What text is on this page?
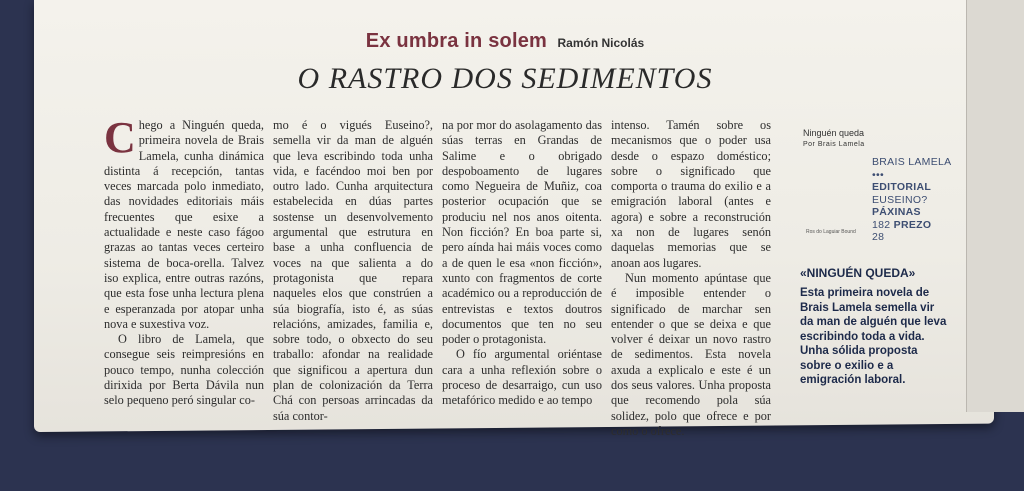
Ex umbra in solem Ramón Nicolás
O RASTRO DOS SEDIMENTOS

Chego a Ninguén queda, primeira novela de Brais Lamela, cunha dinámica distinta á recepción, tantas veces marcada polo inmediato, das novidades editoriais máis frecuentes que esixe a actualidade e neste caso fágoo grazas ao tantas veces certeiro sistema de boca-orella. Talvez iso explica, entre outras razóns, que esta fose unha lectura plena e esperanzada por atopar unha nova e suxestiva voz.

O libro de Lamela, que consegue seis reimpresións en pouco tempo, nunha colección dirixida por Berta Dávila nun selo pequeno peró singular co-

mo é o vigués Euseino?, semella vir da man de alguén que leva escribindo toda unha vida, e facéndoo moi ben por outro lado. Cunha arquitectura estabelecida en dúas partes sostense un desenvolvemento argumental que estrutura en base a unha confluencia de voces na que salienta a do protagonista que repara naqueles elos que constrúen a súa biografía, isto é, as súas relacións, amizades, familia e, sobre todo, o obxecto do seu traballo: afondar na realidade que significou a apertura dun plan de colonización da Terra Chá con persoas arrincadas da súa contor-

na por mor do asolagamento das súas terras en Grandas de Salime e o obrigado despoboamento de lugares como Negueira de Muñiz, coa posterior ocupación que se produciu nel nos anos oitenta. Non ficción? En boa parte si, pero aínda hai máis voces como a de quen le esa «non ficción», xunto con fragmentos de corte académico ou a reproducción de entrevistas e textos doutros documentos que ten no seu poder o protagonista.

O fío argumental oriéntase cara a unha reflexión sobre o proceso de desarraigo, cun uso metafórico medido e ao tempo

intenso. Tamén sobre os mecanismos que o poder usa desde o espazo doméstico; sobre o significado que comporta o trauma do exilio e a emigración laboral (antes e agora) e sobre a reconstrución xa non de lugares senón daquelas memorias que se anoan aos lugares.

Nun momento apúntase que é imposible entender o significado de marchar sen entender o que se deixa e que volver é deixar un novo rastro de sedimentos. Esta novela axuda a explicalo e este é un dos seus valores. Unha proposta que recomendo pola súa solidez, polo que ofrece e por como o ofrece.

Ninguén queda
Por Brais Lamela
Ros do Laguiar Bound
BRAIS LAMELA •••
EDITORIAL
EUSEINO?
PÁXINAS
182 PREZO
28
«NINGUÉN QUEDA»
Esta primeira novela de Brais Lamela semella vir da man de alguén que leva escribindo toda a vida. Unha sólida proposta sobre o exilio e a emigración laboral.
